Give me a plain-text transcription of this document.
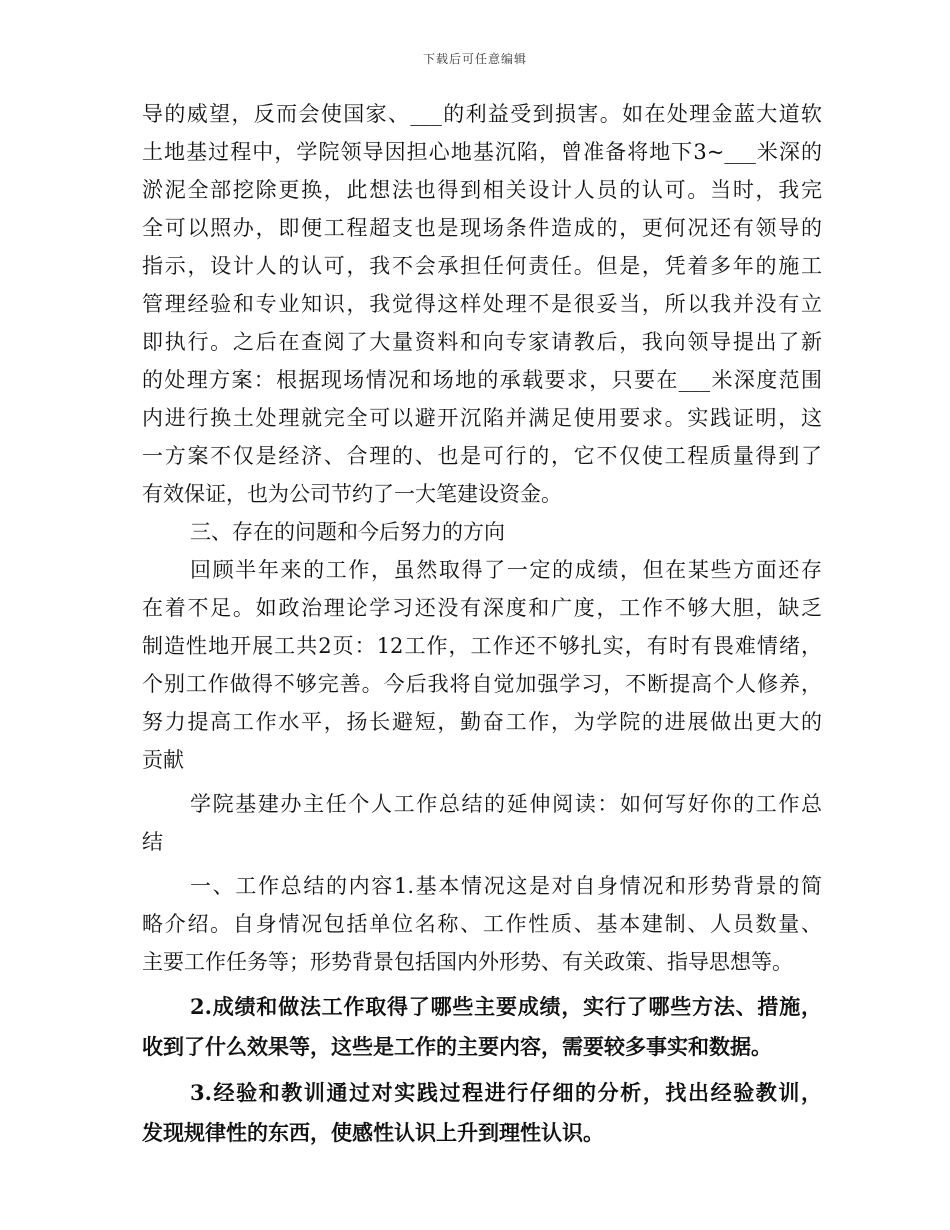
下载后可任意编辑
导的威望，反而会使国家、___的利益受到损害。如在处理金蓝大道软
土地基过程中，学院领导因担心地基沉陷，曾准备将地下3~___米深的
淤泥全部挖除更换，此想法也得到相关设计人员的认可。当时，我完
全可以照办，即便工程超支也是现场条件造成的，更何况还有领导的
指示，设计人的认可，我不会承担任何责任。但是，凭着多年的施工
管理经验和专业知识，我觉得这样处理不是很妥当，所以我并没有立
即执行。之后在查阅了大量资料和向专家请教后，我向领导提出了新
的处理方案：根据现场情况和场地的承载要求，只要在___米深度范围
内进行换土处理就完全可以避开沉陷并满足使用要求。实践证明，这
一方案不仅是经济、合理的、也是可行的，它不仅使工程质量得到了
有效保证，也为公司节约了一大笔建设资金。
三、存在的问题和今后努力的方向
回顾半年来的工作，虽然取得了一定的成绩，但在某些方面还存
在着不足。如政治理论学习还没有深度和广度，工作不够大胆，缺乏
制造性地开展工共2页：12工作，工作还不够扎实，有时有畏难情绪，
个别工作做得不够完善。今后我将自觉加强学习，不断提高个人修养，
努力提高工作水平，扬长避短，勤奋工作，为学院的进展做出更大的
贡献
学院基建办主任个人工作总结的延伸阅读：如何写好你的工作总
结
一、工作总结的内容1.基本情况这是对自身情况和形势背景的简
略介绍。自身情况包括单位名称、工作性质、基本建制、人员数量、
主要工作任务等；形势背景包括国内外形势、有关政策、指导思想等。
2.成绩和做法工作取得了哪些主要成绩，实行了哪些方法、措施，
收到了什么效果等，这些是工作的主要内容，需要较多事实和数据。
3.经验和教训通过对实践过程进行仔细的分析，找出经验教训，
发现规律性的东西，使感性认识上升到理性认识。
